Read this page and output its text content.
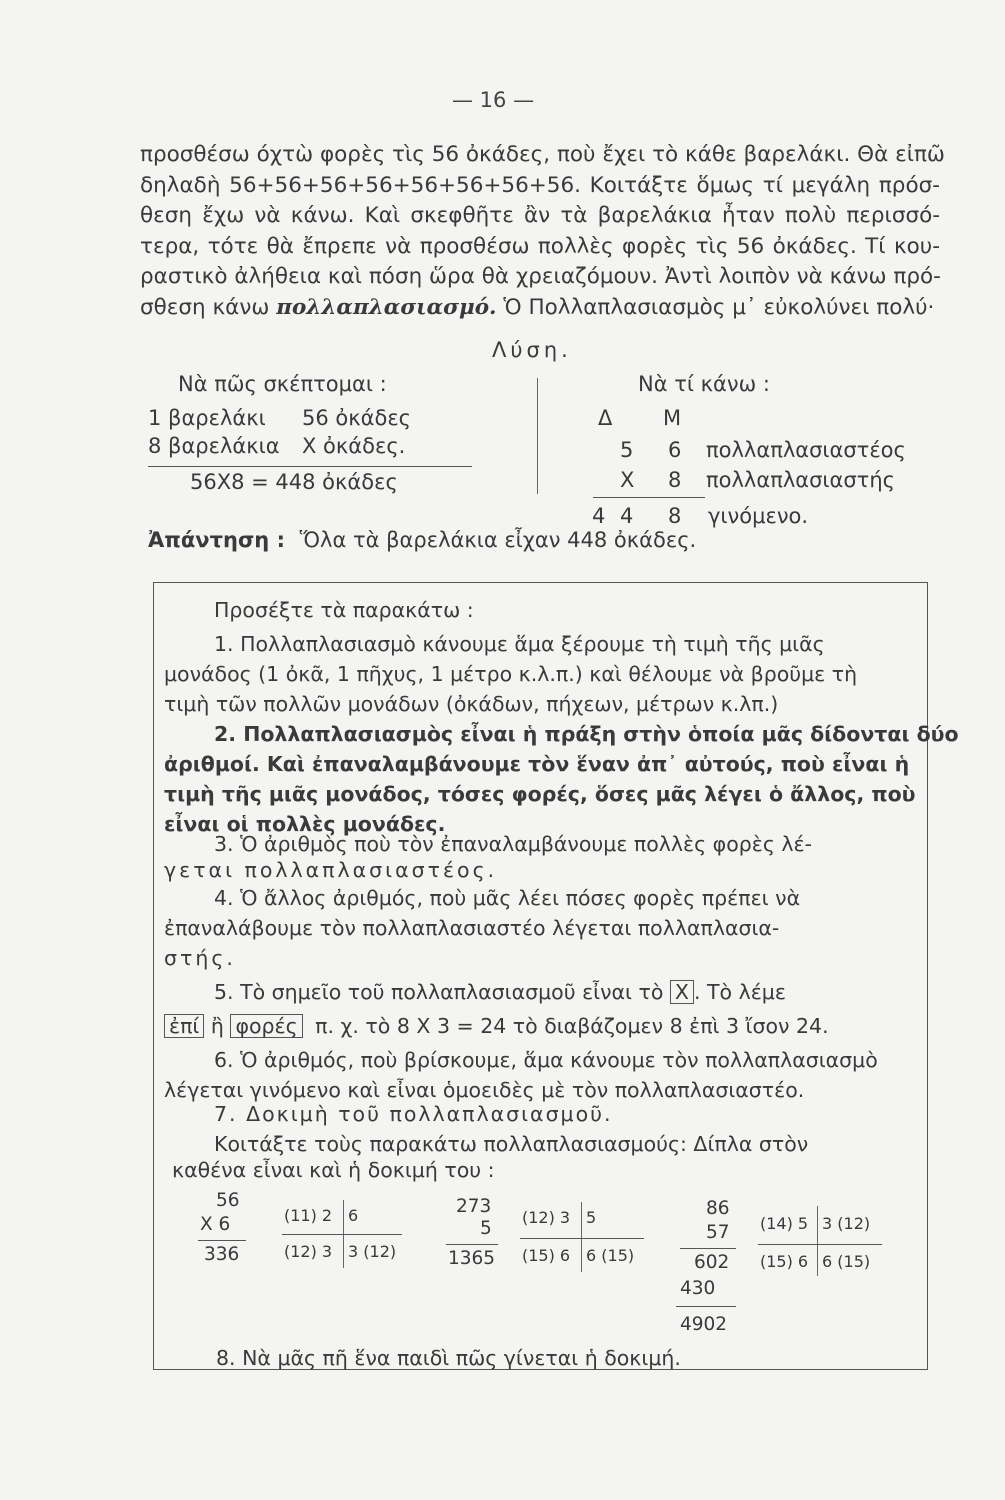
— 16 —
προσθέσω όχτὼ φορὲς τὶς 56 ὀκάδες, ποὺ ἔχει τὸ κάθε βαρελάκι. Θὰ εἰπῶ
δηλαδὴ 56+56+56+56+56+56+56+56. Κοιτάξτε ὅμως τί μεγάλη πρόσ-
θεση ἔχω νὰ κάνω. Καὶ σκεφθῆτε ἂν τὰ βαρελάκια ἦταν πολὺ περισσό-
τερα, τότε θὰ ἔπρεπε νὰ προσθέσω πολλὲς φορὲς τὶς 56 ὀκάδες. Τί κου-
ραστικὸ ἀλήθεια καὶ πόση ὥρα θὰ χρειαζόμουν. Ἀντὶ λοιπὸν νὰ κάνω πρό-
σθεση κάνω πολλαπλασιασμό. Ὁ Πολλαπλασιασμὸς μ᾿ εὐκολύνει πολύ·
Λύση.
Νὰ πῶς σκέπτομαι :
1 βαρελάκι 56 ὀκάδες
8 βαρελάκια X ὀκάδες.
56X8 = 448 ὀκάδες
Νὰ τί κάνω :
Δ Μ
5 6 πολλαπλασιαστέος
X 8 πολλαπλασιαστής
4 4 8 γινόμενο.
Ἀπάντηση : Ὅλα τὰ βαρελάκια εἶχαν 448 ὀκάδες.
Προσέξτε τὰ παρακάτω :
1. Πολλαπλασιασμὸ κάνουμε ἅμα ξέρουμε τὴ τιμὴ τῆς μιᾶς
μονάδος (1 ὀκᾶ, 1 πῆχυς, 1 μέτρο κ.λ.π.) καὶ θέλουμε νὰ βροῦμε τὴ
τιμὴ τῶν πολλῶν μονάδων (ὀκάδων, πήχεων, μέτρων κ.λπ.)
2. Πολλαπλασιασμὸς εἶναι ἡ πράξη στὴν ὁποία μᾶς δίδονται δύο
ἀριθμοί. Καὶ ἐπαναλαμβάνουμε τὸν ἕναν ἀπ᾿ αὐτούς, ποὺ εἶναι ἡ
τιμὴ τῆς μιᾶς μονάδος, τόσες φορές, ὅσες μᾶς λέγει ὁ ἄλλος, ποὺ
εἶναι οἱ πολλὲς μονάδες.
3. Ὁ ἀριθμὸς ποὺ τὸν ἐπαναλαμβάνουμε πολλὲς φορὲς λέ-
γεται πολλαπλασιαστέος.
4. Ὁ ἄλλος ἀριθμός, ποὺ μᾶς λέει πόσες φορὲς πρέπει νὰ
ἐπαναλάβουμε τὸν πολλαπλασιαστέο λέγεται πολλαπλασια-
στής.
5. Τὸ σημεῖο τοῦ πολλαπλασιασμοῦ εἶναι τὸ X . Τὸ λέμε
ἐπί ἢ φορές π. χ. τὸ 8 X 3 = 24 τὸ διαβάζομεν 8 ἐπὶ 3 ἴσον 24.
6. Ὁ ἀριθμός, ποὺ βρίσκουμε, ἅμα κάνουμε τὸν πολλαπλασιασμὸ
λέγεται γινόμενο καὶ εἶναι ὁμοειδὲς μὲ τὸν πολλαπλασιαστέο.
7. Δοκιμὴ τοῦ πολλαπλασιασμοῦ.
Κοιτάξτε τοὺς παρακάτω πολλαπλασιασμούς: Δίπλα στὸν
καθένα εἶναι καὶ ἡ δοκιμή του :
56
X 6
336
(11) 2 6
(12) 3 3 (12)
273
5
1365
(12) 3 5
(15) 6 6 (15)
86
57
602
430
4902
(14) 5 3 (12)
(15) 6 6 (15)
8. Νὰ μᾶς πῆ ἕνα παιδὶ πῶς γίνεται ἡ δοκιμή.
